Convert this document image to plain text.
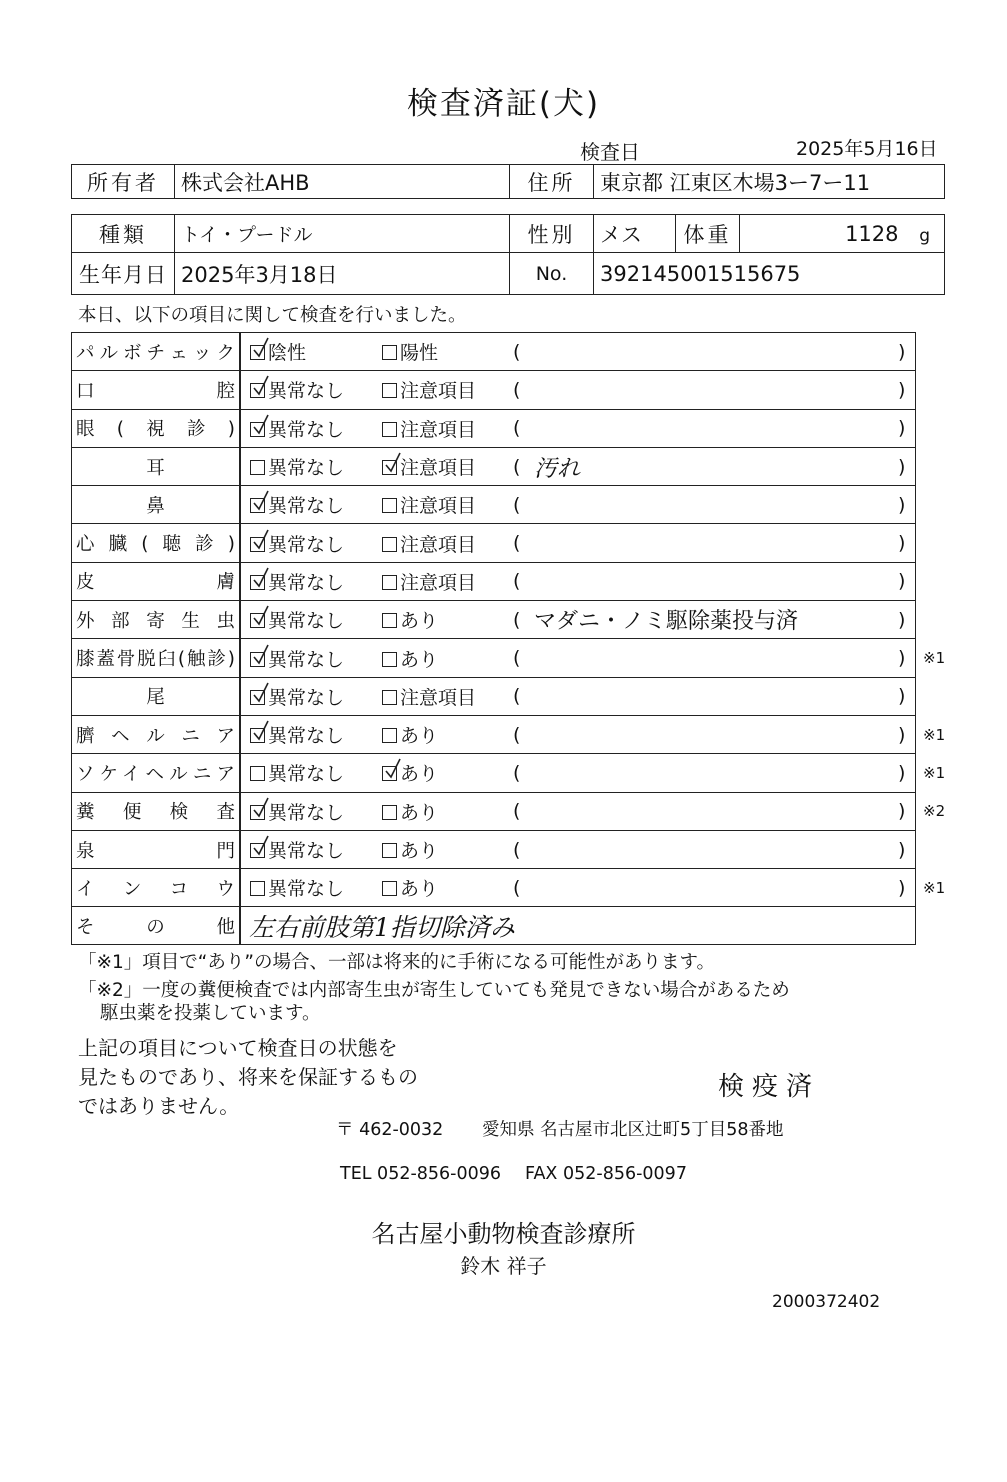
検査済証(犬)
検査日	2025年5月16日
所有者	株式会社AHB	住所	東京都 江東区木場3ー7ー11
種類	トイ・プードル	性別	メス	体重	1128 g
生年月日	2025年3月18日	No.	392145001515675		
本日、以下の項目に関して検査を行いました。
パルボチェック 陰性	陽性	(	)
口腔 異常なし	注意項目 (	)
眼(視診) 異常なし	注意項目 (	)
耳	異常なし	注意項目 ( 汚れ	)
鼻	異常なし	注意項目 (	)
心臓(聴診) 異常なし	注意項目 (	)
皮膚 異常なし	注意項目 (	)
外部寄生虫 異常なし	あり	( マダニ・ノミ駆除薬投与済	)
膝蓋骨脱臼(触診) 異常なし	あり	(	) ※1
尾	異常なし	注意項目 (	)
臍ヘルニア 異常なし	あり	(	) ※1
ソケイヘルニア 異常なし	あり	(	) ※1
糞便検査 異常なし	あり	(	) ※2
泉門 異常なし	あり	(	)
インコウ 異常なし	あり	(	) ※1
その他 左右前肢第1指切除済み
「※1」項目で“あり”の場合、一部は将来的に手術になる可能性があります。
「※2」一度の糞便検査では内部寄生虫が寄生していても発見できない場合があるため
駆虫薬を投薬しています。
上記の項目について検査日の状態を
見たものであり、将来を保証するもの
ではありません。
検疫済
〒 462-0032 愛知県 名古屋市北区辻町5丁目58番地
TEL 052-856-0096 FAX 052-856-0097
名古屋小動物検査診療所
鈴木 祥子
2000372402
